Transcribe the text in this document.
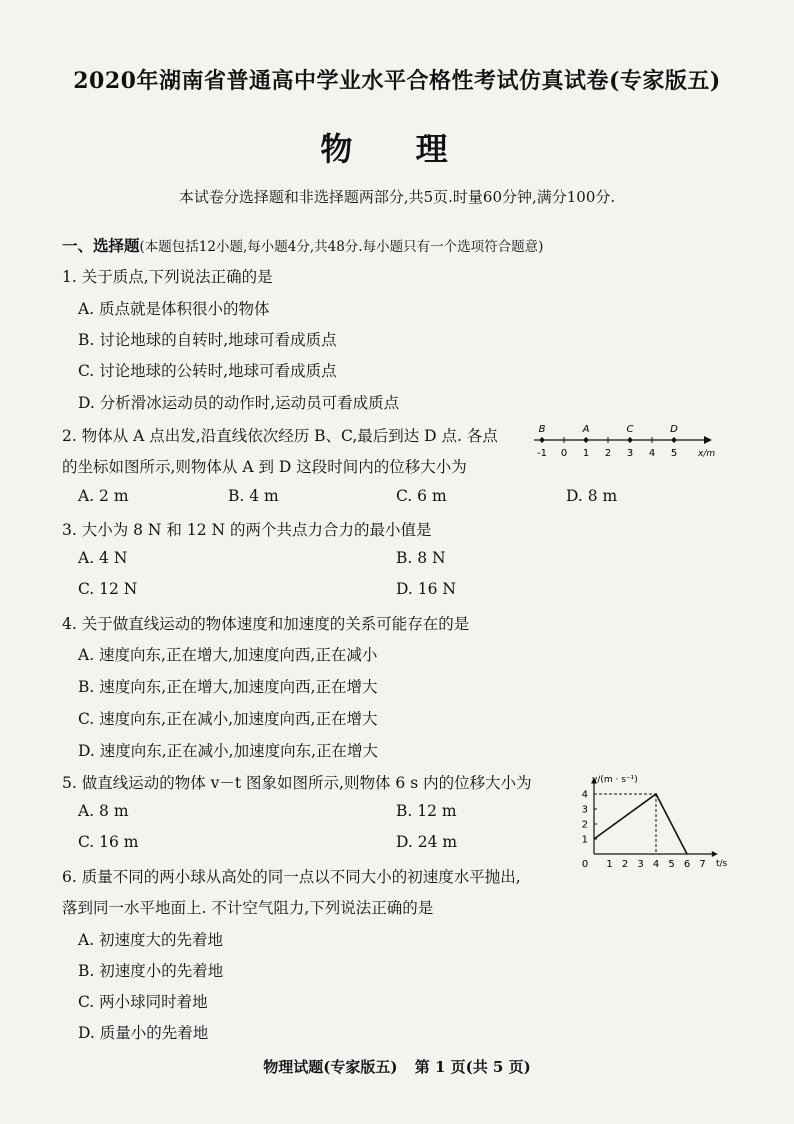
2020年湖南省普通高中学业水平合格性考试仿真试卷(专家版五)
物 理
本试卷分选择题和非选择题两部分,共5页.时量60分钟,满分100分.
一、选择题(本题包括12小题,每小题4分,共48分.每小题只有一个选项符合题意)
1. 关于质点,下列说法正确的是
A. 质点就是体积很小的物体
B. 讨论地球的自转时,地球可看成质点
C. 讨论地球的公转时,地球可看成质点
D. 分析滑冰运动员的动作时,运动员可看成质点
2. 物体从 A 点出发,沿直线依次经历 B、C,最后到达 D 点. 各点
的坐标如图所示,则物体从 A 到 D 这段时间内的位移大小为
A. 2 m	B. 4 m	C. 6 m	D. 8 m
-1 0 1 2 3 4 5 x/m
B	A	C	D
3. 大小为 8 N 和 12 N 的两个共点力合力的最小值是
A. 4 N	B. 8 N
C. 12 N	D. 16 N
4. 关于做直线运动的物体速度和加速度的关系可能存在的是
A. 速度向东,正在增大,加速度向西,正在减小
B. 速度向东,正在增大,加速度向西,正在增大
C. 速度向东,正在减小,加速度向西,正在增大
D. 速度向东,正在减小,加速度向东,正在增大
5. 做直线运动的物体 v－t 图象如图所示,则物体 6 s 内的位移大小为
A. 8 m	B. 12 m
C. 16 m	D. 24 m
0 1 2 3 4 5 6 7
1
2
3
4
v/(m · s⁻¹)
t/s
6. 质量不同的两小球从高处的同一点以不同大小的初速度水平抛出,
落到同一水平地面上. 不计空气阻力,下列说法正确的是
A. 初速度大的先着地
B. 初速度小的先着地
C. 两小球同时着地
D. 质量小的先着地
物理试题(专家版五) 第 1 页(共 5 页)
